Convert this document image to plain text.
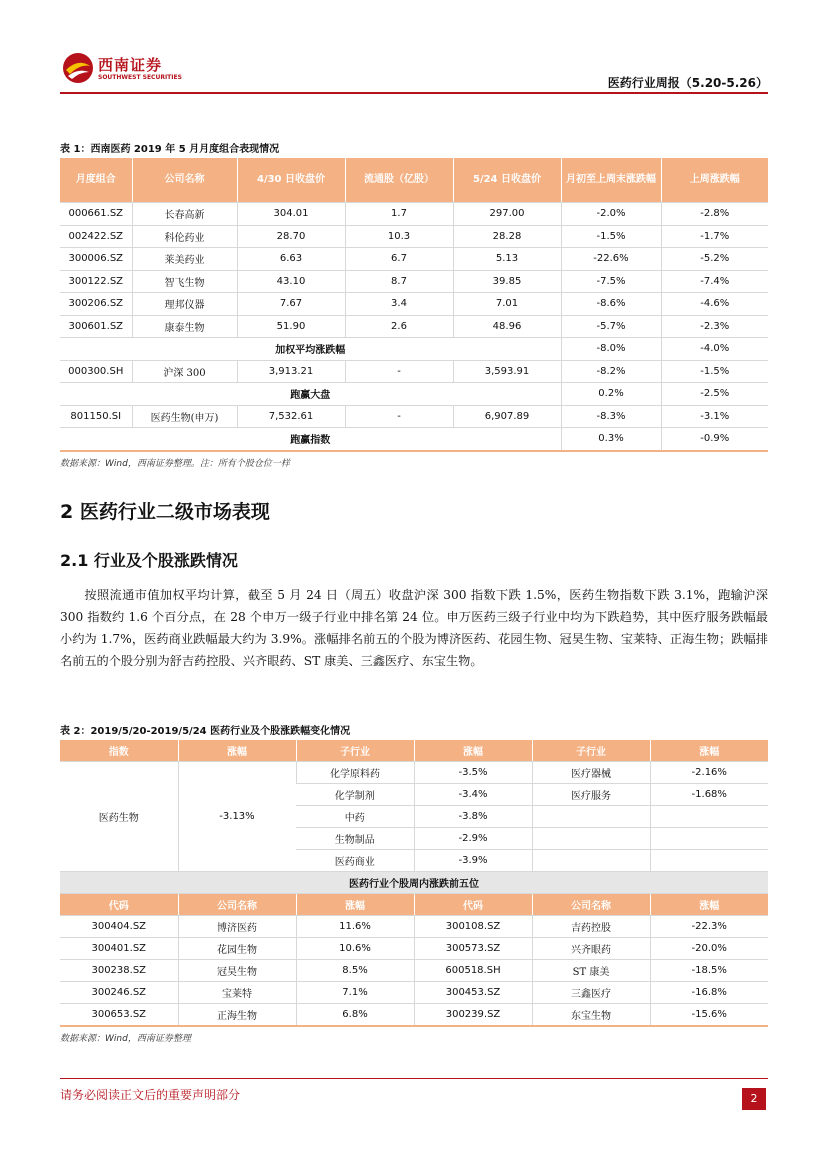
西南证券
SOUTHWEST SECURITIES	医药行业周报（5.20-5.26）
表 1：西南医药 2019 年 5 月月度组合表现情况
月度组合	公司名称	4/30 日收盘价	流通股（亿股）	5/24 日收盘价	月初至上周末涨跌幅	上周涨跌幅
000661.SZ	长春高新	304.01	1.7	297.00	-2.0%	-2.8%
002422.SZ	科伦药业	28.70	10.3	28.28	-1.5%	-1.7%
300006.SZ	莱美药业	6.63	6.7	5.13	-22.6%	-5.2%
300122.SZ	智飞生物	43.10	8.7	39.85	-7.5%	-7.4%
300206.SZ	理邦仪器	7.67	3.4	7.01	-8.6%	-4.6%
300601.SZ	康泰生物	51.90	2.6	48.96	-5.7%	-2.3%
加权平均涨跌幅					-8.0%	-4.0%
000300.SH	沪深 300	3,913.21	-	3,593.91	-8.2%	-1.5%
跑赢大盘					0.2%	-2.5%
801150.SI	医药生物(申万)	7,532.61	-	6,907.89	-8.3%	-3.1%
跑赢指数					0.3%	-0.9%
数据来源：Wind，西南证券整理。注：所有个股仓位一样
2 医药行业二级市场表现
2.1 行业及个股涨跌情况
按照流通市值加权平均计算，截至 5 月 24 日（周五）收盘沪深 300 指数下跌 1.5%，医药生物指数下跌 3.1%，跑输沪深 300 指数约 1.6 个百分点，在 28 个申万一级子行业中排名第 24 位。申万医药三级子行业中均为下跌趋势，其中医疗服务跌幅最小约为 1.7%，医药商业跌幅最大约为 3.9%。涨幅排名前五的个股为博济医药、花园生物、冠昊生物、宝莱特、正海生物；跌幅排名前五的个股分别为舒吉药控股、兴齐眼药、ST 康美、三鑫医疗、东宝生物。
表 2：2019/5/20-2019/5/24 医药行业及个股涨跌幅变化情况
指数	涨幅	子行业	涨幅	子行业	涨幅
医药生物	-3.13%	化学原料药	-3.5%	医疗器械	-2.16%
		化学制剂	-3.4%	医疗服务	-1.68%
		中药	-3.8%		
		生物制品	-2.9%		
		医药商业	-3.9%		
医药行业个股周内涨跌前五位					
代码	公司名称	涨幅	代码	公司名称	涨幅
300404.SZ	博济医药	11.6%	300108.SZ	吉药控股	-22.3%
300401.SZ	花园生物	10.6%	300573.SZ	兴齐眼药	-20.0%
300238.SZ	冠昊生物	8.5%	600518.SH	ST 康美	-18.5%
300246.SZ	宝莱特	7.1%	300453.SZ	三鑫医疗	-16.8%
300653.SZ	正海生物	6.8%	300239.SZ	东宝生物	-15.6%
数据来源：Wind，西南证券整理
请务必阅读正文后的重要声明部分	2
